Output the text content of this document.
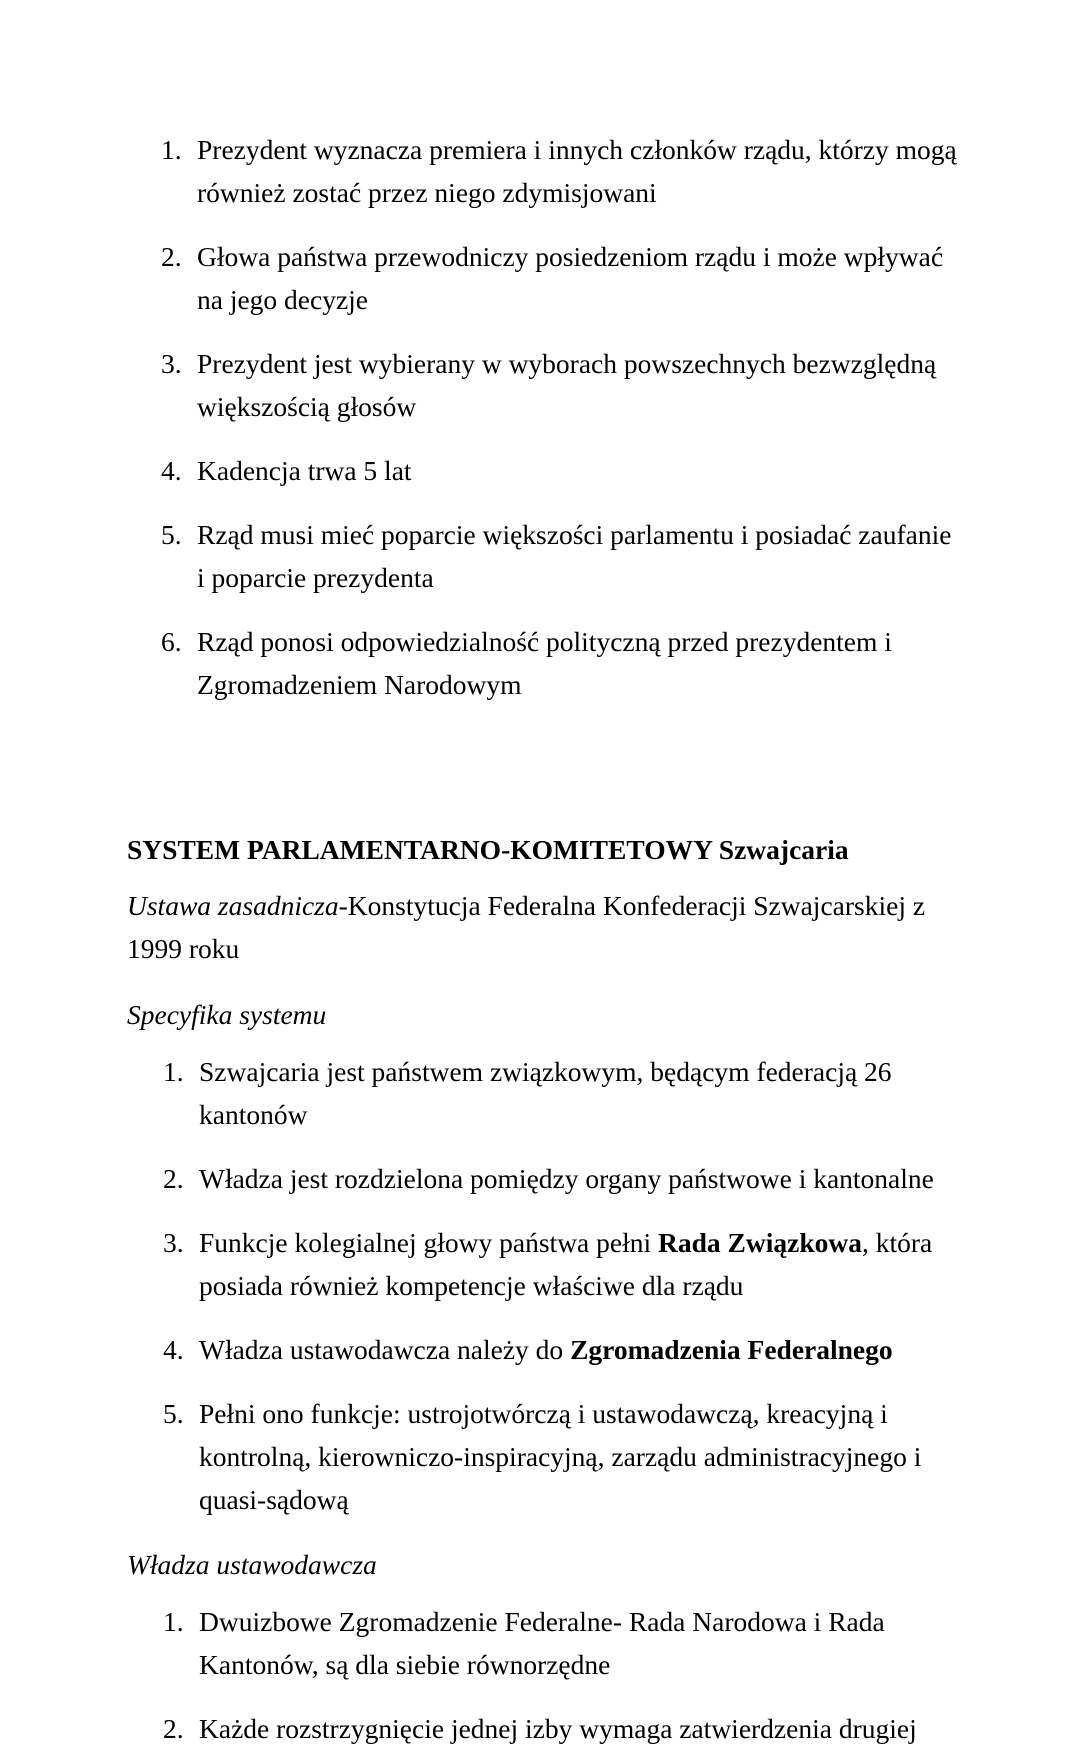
1. Prezydent wyznacza premiera i innych członków rządu, którzy mogą również zostać przez niego zdymisjowani
2. Głowa państwa przewodniczy posiedzeniom rządu i może wpływać na jego decyzje
3. Prezydent jest wybierany w wyborach powszechnych bezwzględną większością głosów
4. Kadencja trwa 5 lat
5. Rząd musi mieć poparcie większości parlamentu i posiadać zaufanie i poparcie prezydenta
6. Rząd ponosi odpowiedzialność polityczną przed prezydentem i Zgromadzeniem Narodowym

SYSTEM PARLAMENTARNO-KOMITETOWY Szwajcaria

Ustawa zasadnicza-Konstytucja Federalna Konfederacji Szwajcarskiej z 1999 roku

Specyfika systemu

1. Szwajcaria jest państwem związkowym, będącym federacją 26 kantonów
2. Władza jest rozdzielona pomiędzy organy państwowe i kantonalne
3. Funkcje kolegialnej głowy państwa pełni Rada Związkowa, która posiada również kompetencje właściwe dla rządu
4. Władza ustawodawcza należy do Zgromadzenia Federalnego
5. Pełni ono funkcje: ustrojotwórczą i ustawodawczą, kreacyjną i kontrolną, kierowniczo-inspiracyjną, zarządu administracyjnego i quasi-sądową

Władza ustawodawcza

1. Dwuizbowe Zgromadzenie Federalne- Rada Narodowa i Rada Kantonów, są dla siebie równorzędne
2. Każde rozstrzygnięcie jednej izby wymaga zatwierdzenia drugiej
